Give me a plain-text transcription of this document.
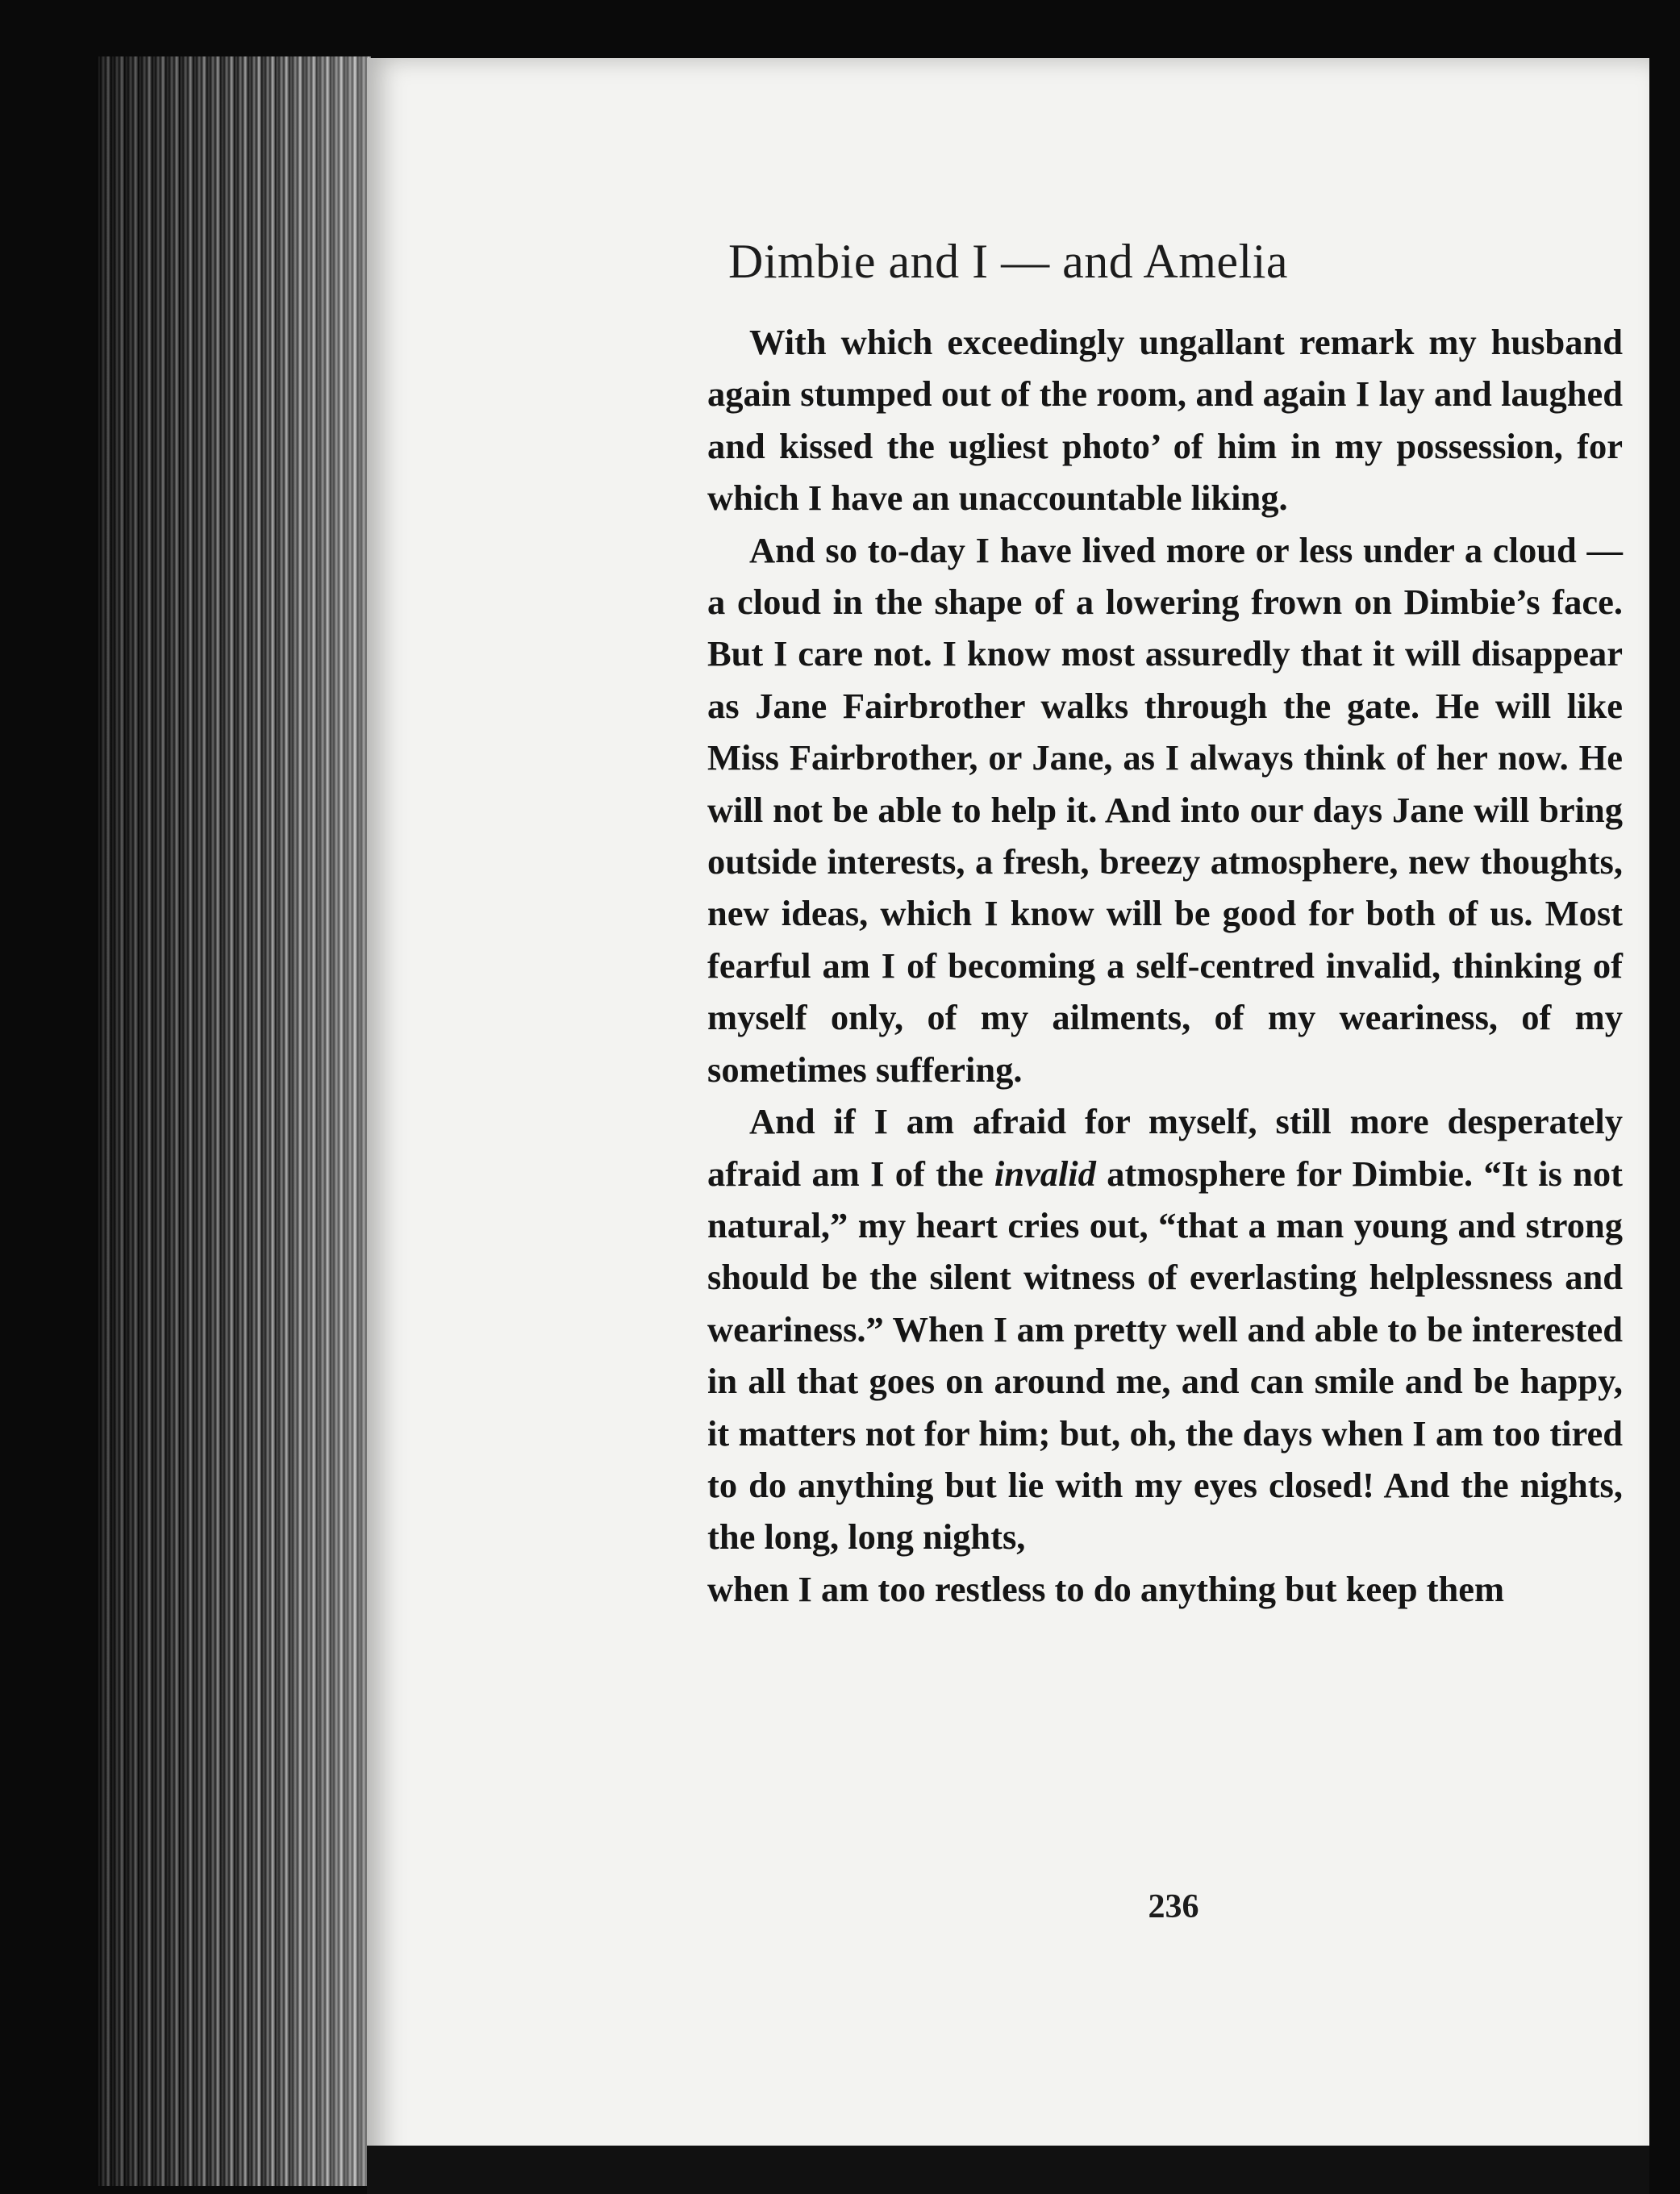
Dimbie and I — and Amelia

With which exceedingly ungallant remark my husband again stumped out of the room, and again I lay and laughed and kissed the ugliest photo’ of him in my possession, for which I have an unaccountable liking.

And so to-day I have lived more or less under a cloud — a cloud in the shape of a lowering frown on Dimbie’s face. But I care not. I know most assuredly that it will disappear as Jane Fairbrother walks through the gate. He will like Miss Fairbrother, or Jane, as I always think of her now. He will not be able to help it. And into our days Jane will bring outside interests, a fresh, breezy atmosphere, new thoughts, new ideas, which I know will be good for both of us. Most fearful am I of becoming a self-centred invalid, thinking of myself only, of my ailments, of my weariness, of my sometimes suffering.

And if I am afraid for myself, still more desperately afraid am I of the invalid atmosphere for Dimbie. “It is not natural,” my heart cries out, “that a man young and strong should be the silent witness of everlasting helplessness and weariness.” When I am pretty well and able to be interested in all that goes on around me, and can smile and be happy, it matters not for him; but, oh, the days when I am too tired to do anything but lie with my eyes closed! And the nights, the long, long nights,

when I am too restless to do anything but keep them
236
